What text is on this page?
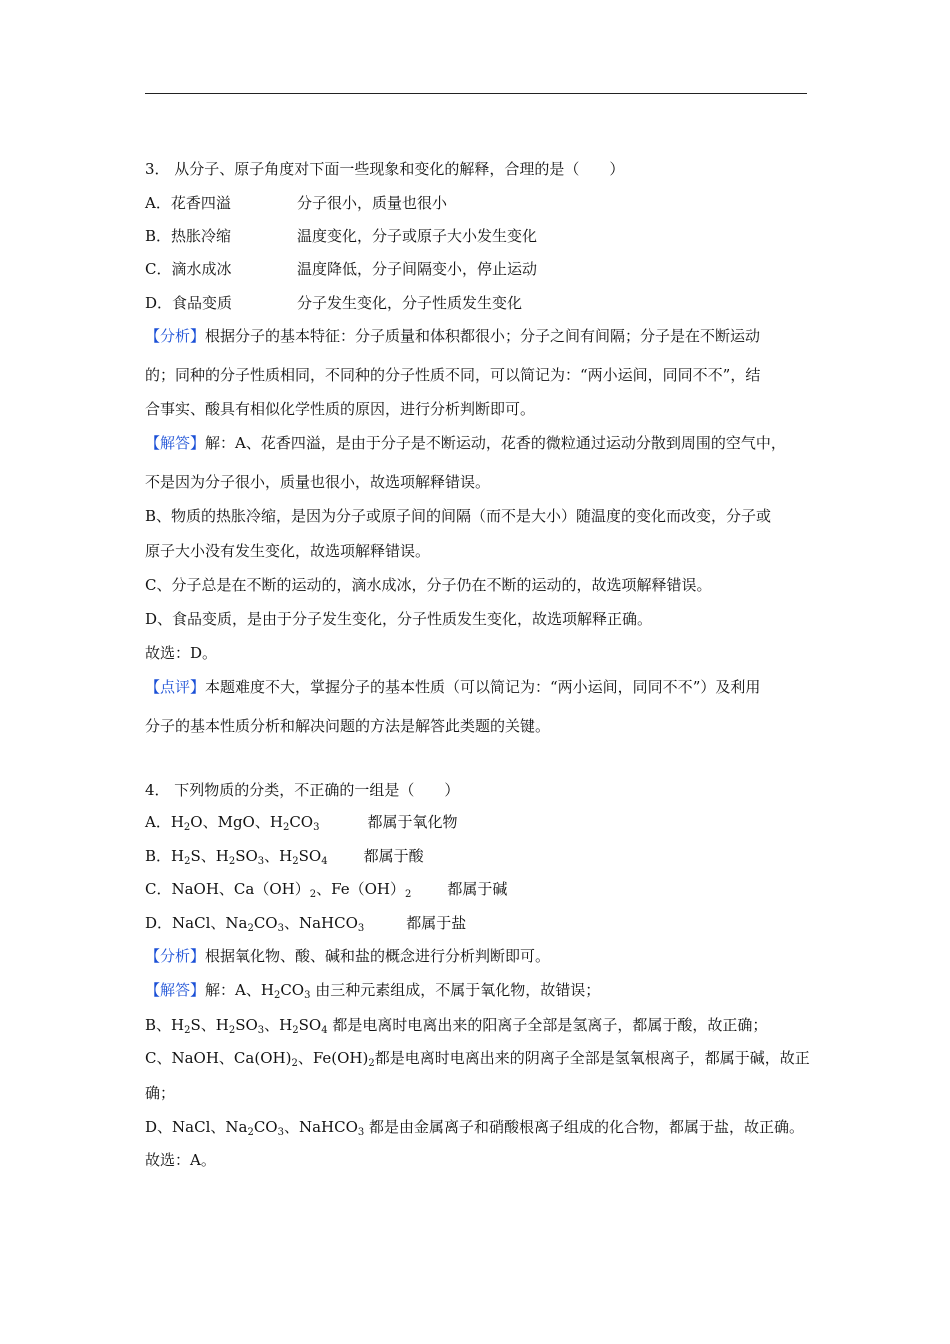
3． 从分子、原子角度对下面一些现象和变化的解释，合理的是（　　）
A．花香四溢	分子很小，质量也很小
B．热胀冷缩	温度变化，分子或原子大小发生变化
C．滴水成冰	温度降低，分子间隔变小，停止运动
D．食品变质	分子发生变化，分子性质发生变化
【分析】根据分子的基本特征：分子质量和体积都很小；分子之间有间隔；分子是在不断运动
的；同种的分子性质相同，不同种的分子性质不同，可以简记为：“两小运间，同同不不”，结
合事实、酸具有相似化学性质的原因，进行分析判断即可。
【解答】解：A、花香四溢，是由于分子是不断运动，花香的微粒通过运动分散到周围的空气中，
不是因为分子很小，质量也很小，故选项解释错误。
B、物质的热胀冷缩，是因为分子或原子间的间隔（而不是大小）随温度的变化而改变，分子或
原子大小没有发生变化，故选项解释错误。
C、分子总是在不断的运动的，滴水成冰，分子仍在不断的运动的，故选项解释错误。
D、食品变质，是由于分子发生变化，分子性质发生变化，故选项解释正确。
故选：D。
【点评】本题难度不大，掌握分子的基本性质（可以简记为：“两小运间，同同不不”）及利用
分子的基本性质分析和解决问题的方法是解答此类题的关键。
4． 下列物质的分类，不正确的一组是（　　）
A．$H_2O$、MgO、$H_2CO_3$	都属于氧化物
B．$H_2S$、$H_2SO_3$、$H_2SO_4$ 都属于酸
C．NaOH、$Ca(OH)_2$、$Fe(OH)_2$ 都属于碱
D．NaCl、$Na_2CO_3$、NaHCO$_3$	都属于盐
【分析】根据氧化物、酸、碱和盐的概念进行分析判断即可。
【解答】解：A、$H_2CO_3$ 由三种元素组成，不属于氧化物，故错误；
B、$H_2S$、$H_2SO_3$、$H_2SO_4$ 都是电离时电离出来的阳离子全部是氢离子，都属于酸，故正确；
C、NaOH、$Ca(OH)_2$、$Fe(OH)_2$都是电离时电离出来的阴离子全部是氢氧根离子，都属于碱，故正
确；
D、NaCl、$Na_2CO_3$、NaHCO$_3$ 都是由金属离子和硝酸根离子组成的化合物，都属于盐，故正确。
故选：A。
